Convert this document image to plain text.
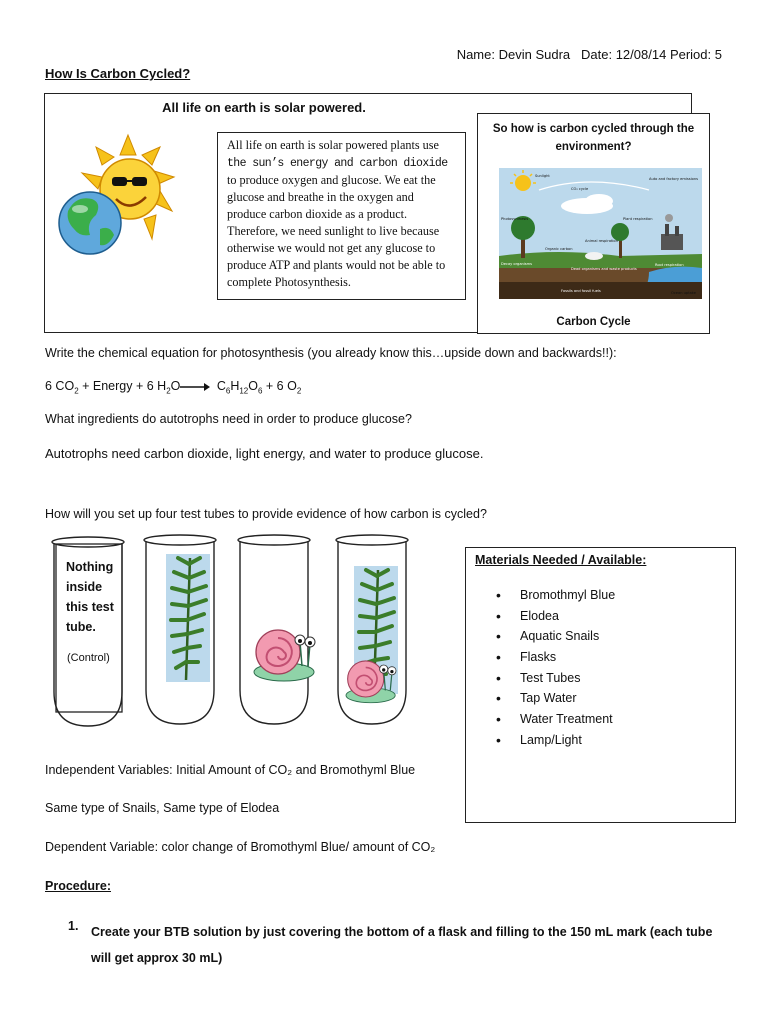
Name: Devin Sudra Date: 12/08/14 Period: 5
How Is Carbon Cycled?
All life on earth is solar powered.
All life on earth is solar powered plants use the sun’s energy and carbon dioxide to produce oxygen and glucose. We eat the glucose and breathe in the oxygen and produce carbon dioxide as a product. Therefore, we need sunlight to live because otherwise we would not get any glucose to produce ATP and plants would not be able to complete Photosynthesis.
So how is carbon cycled through the environment?
Sunlight
CO₂ cycle
Auto and factory emissions
Photosynthesis	Plant respiration
Animal respiration
Organic carbon
Decay organisms
Dead organisms and waste products
Root respiration
Fossils and fossil fuels	Ocean uptake
Carbon Cycle
Write the chemical equation for photosynthesis (you already know this…upside down and backwards!!):
6 $CO_2$ + Energy + 6 $H_2O$	$C_6H_{12}O_6 + 6$ $O_2$
What ingredients do autotrophs need in order to produce glucose?
Autotrophs need carbon dioxide, light energy, and water to produce glucose.
How will you set up four test tubes to provide evidence of how carbon is cycled?
Nothing inside this test tube.
(Control)
Materials Needed / Available:
• Bromothmyl Blue
• Elodea
• Aquatic Snails
• Flasks
• Test Tubes
• Tap Water
• Water Treatment
• Lamp/Light
Independent Variables: Initial Amount of CO₂ and Bromothyml Blue
Same type of Snails, Same type of Elodea
Dependent Variable: color change of Bromothyml Blue/ amount of CO₂
Procedure:
1. Create your BTB solution by just covering the bottom of a flask and filling to the 150 mL mark (each tube will get approx 30 mL)
